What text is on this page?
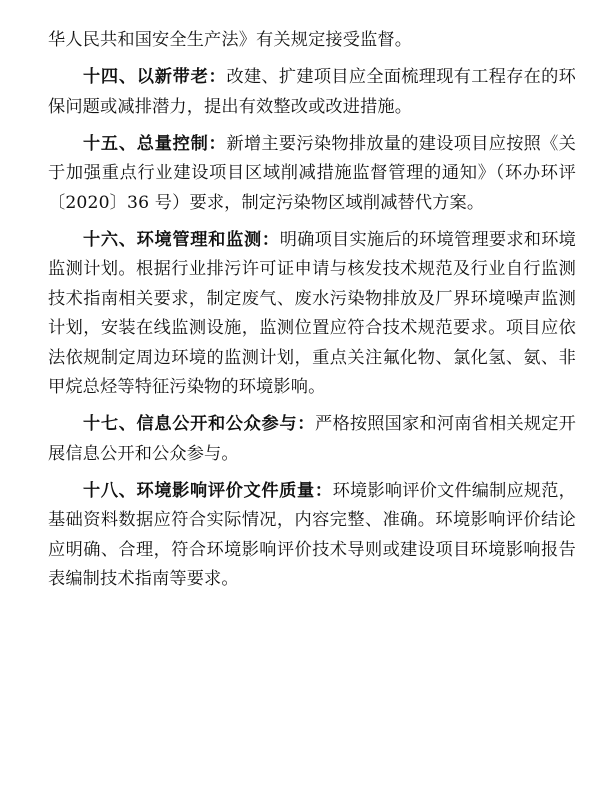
华人民共和国安全生产法》有关规定接受监督。

十四、以新带老：改建、扩建项目应全面梳理现有工程存在的环保问题或减排潜力，提出有效整改或改进措施。

十五、总量控制：新增主要污染物排放量的建设项目应按照《关于加强重点行业建设项目区域削减措施监督管理的通知》（环办环评〔2020〕36 号）要求，制定污染物区域削减替代方案。

十六、环境管理和监测：明确项目实施后的环境管理要求和环境监测计划。根据行业排污许可证申请与核发技术规范及行业自行监测技术指南相关要求，制定废气、废水污染物排放及厂界环境噪声监测计划，安装在线监测设施，监测位置应符合技术规范要求。项目应依法依规制定周边环境的监测计划，重点关注氟化物、氯化氢、氨、非甲烷总烃等特征污染物的环境影响。

十七、信息公开和公众参与：严格按照国家和河南省相关规定开展信息公开和公众参与。

十八、环境影响评价文件质量：环境影响评价文件编制应规范，基础资料数据应符合实际情况，内容完整、准确。环境影响评价结论应明确、合理，符合环境影响评价技术导则或建设项目环境影响报告表编制技术指南等要求。
